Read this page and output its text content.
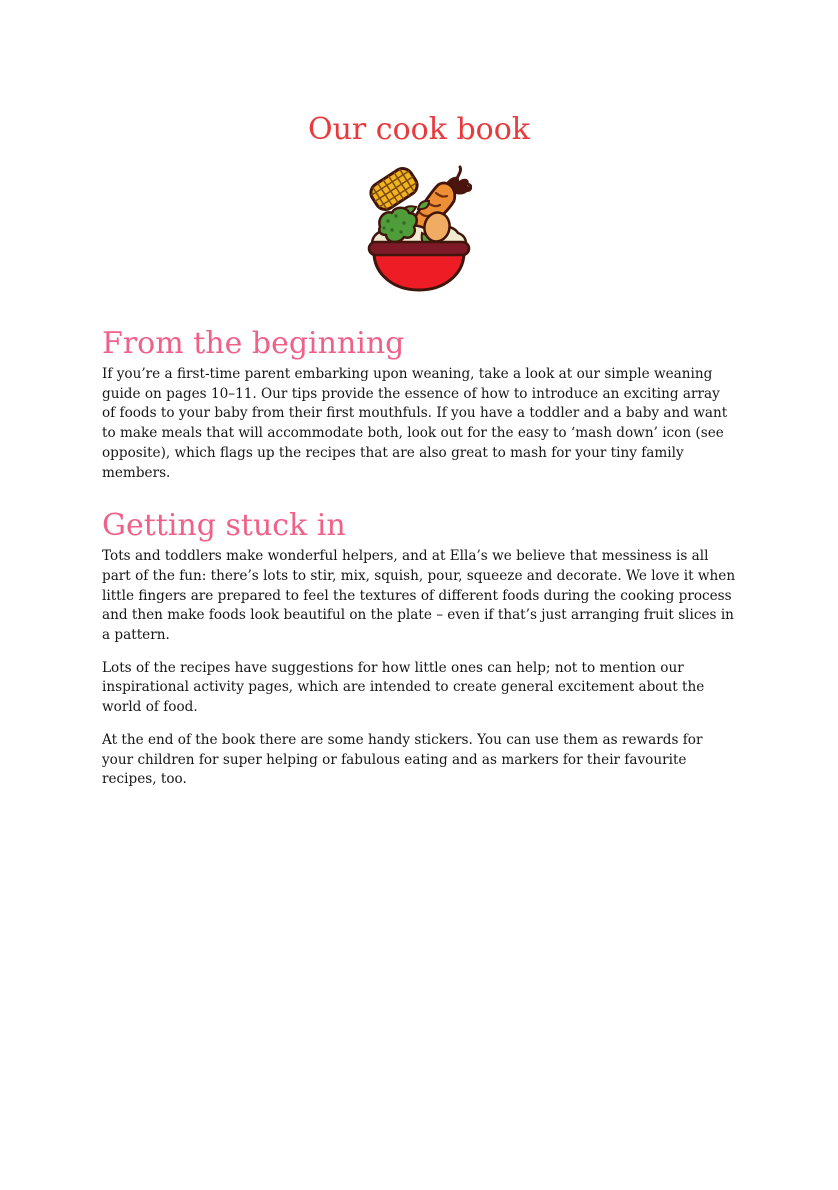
Our cook book
From the beginning

If you’re a first-time parent embarking upon weaning, take a look at our simple weaning guide on pages 10–11. Our tips provide the essence of how to introduce an exciting array of foods to your baby from their first mouthfuls. If you have a toddler and a baby and want to make meals that will accommodate both, look out for the easy to ‘mash down’ icon (see opposite), which flags up the recipes that are also great to mash for your tiny family members.

Getting stuck in

Tots and toddlers make wonderful helpers, and at Ella’s we believe that messiness is all part of the fun: there’s lots to stir, mix, squish, pour, squeeze and decorate. We love it when little fingers are prepared to feel the textures of different foods during the cooking process and then make foods look beautiful on the plate – even if that’s just arranging fruit slices in a pattern.

Lots of the recipes have suggestions for how little ones can help; not to mention our inspirational activity pages, which are intended to create general excitement about the world of food.

At the end of the book there are some handy stickers. You can use them as rewards for your children for super helping or fabulous eating and as markers for their favourite recipes, too.
